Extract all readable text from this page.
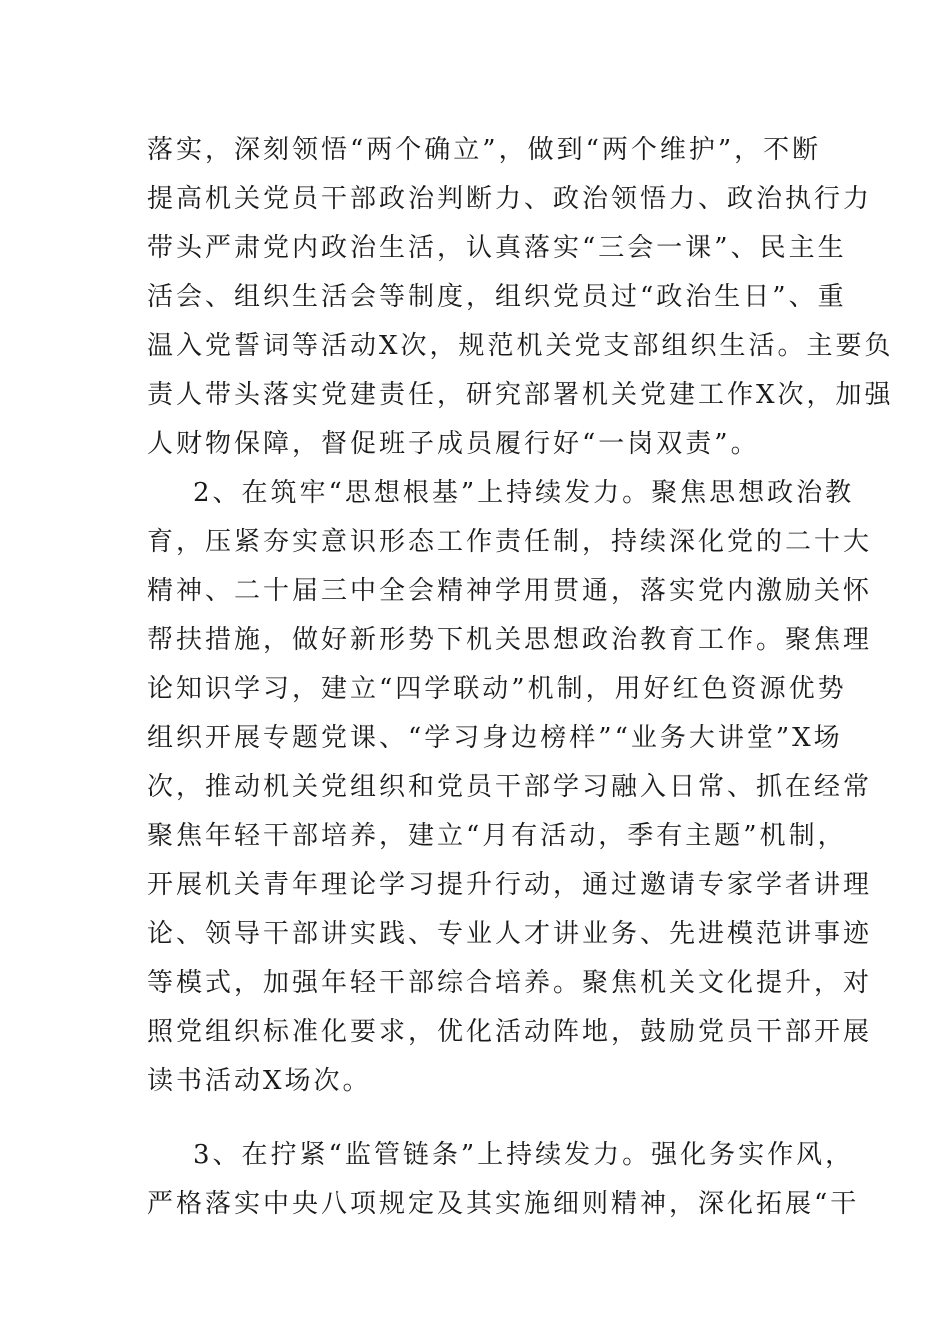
落实，深刻领悟“两个确立”，做到“两个维护”，不断
提高机关党员干部政治判断力、政治领悟力、政治执行力
带头严肃党内政治生活，认真落实“三会一课”、民主生
活会、组织生活会等制度，组织党员过“政治生日”、重
温入党誓词等活动X次，规范机关党支部组织生活。主要负
责人带头落实党建责任，研究部署机关党建工作X次，加强
人财物保障，督促班子成员履行好“一岗双责”。
2、在筑牢“思想根基”上持续发力。聚焦思想政治教
育，压紧夯实意识形态工作责任制，持续深化党的二十大
精神、二十届三中全会精神学用贯通，落实党内激励关怀
帮扶措施，做好新形势下机关思想政治教育工作。聚焦理
论知识学习，建立“四学联动”机制，用好红色资源优势
组织开展专题党课、“学习身边榜样”“业务大讲堂”X场
次，推动机关党组织和党员干部学习融入日常、抓在经常
聚焦年轻干部培养，建立“月有活动，季有主题”机制，
开展机关青年理论学习提升行动，通过邀请专家学者讲理
论、领导干部讲实践、专业人才讲业务、先进模范讲事迹
等模式，加强年轻干部综合培养。聚焦机关文化提升，对
照党组织标准化要求，优化活动阵地，鼓励党员干部开展
读书活动X场次。
3、在拧紧“监管链条”上持续发力。强化务实作风，
严格落实中央八项规定及其实施细则精神，深化拓展“干
